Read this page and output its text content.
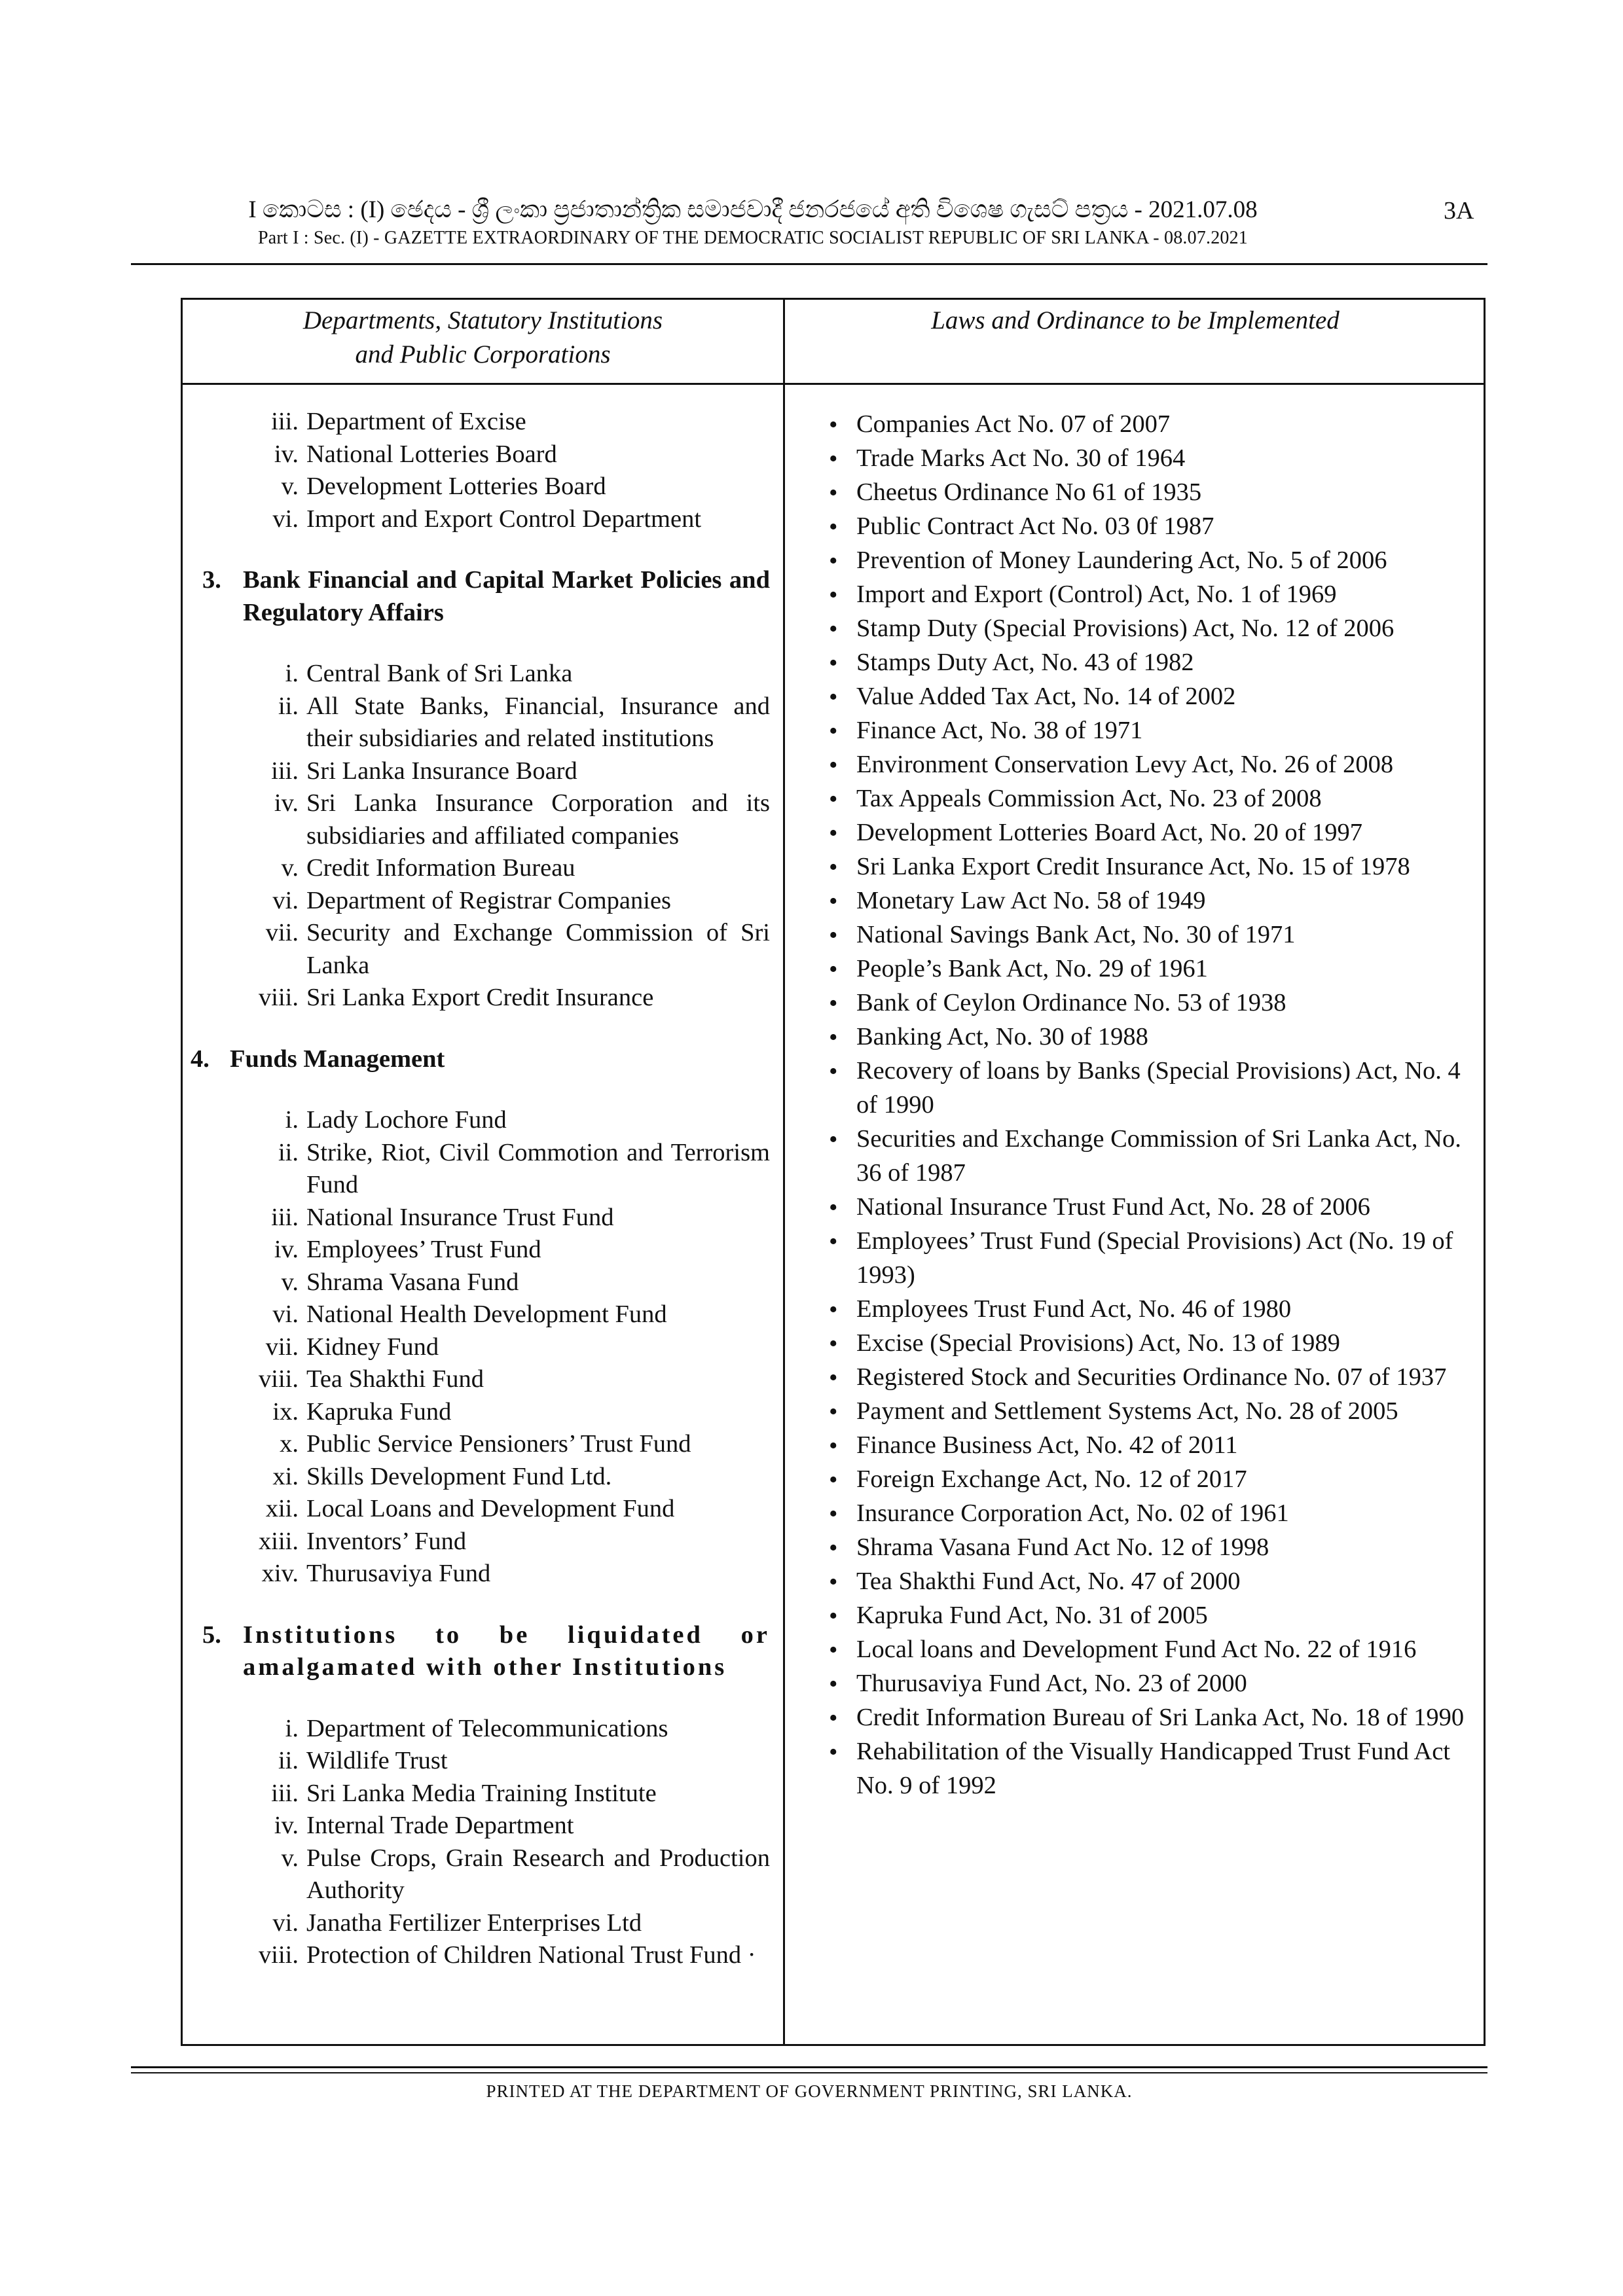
I කොටස : (I) ඡෙදය - ශ්‍රී ලංකා ප්‍රජාතාන්ත්‍රික සමාජවාදී ජනරජයේ අති විශෙෂ ගැසට් පත්‍රය - 2021.07.08
Part I : Sec. (I) - GAZETTE EXTRAORDINARY OF THE DEMOCRATIC SOCIALIST REPUBLIC OF SRI LANKA - 08.07.2021
3A
Departments, Statutory Institutions
and Public Corporations
Laws and Ordinance to be Implemented
iii. Department of Excise
iv. National Lotteries Board
v. Development Lotteries Board
vi. Import and Export Control Department
3. Bank Financial and Capital Market Policies and Regulatory Affairs
i. Central Bank of Sri Lanka
ii. All State Banks, Financial, Insurance and their subsidiaries and related institutions
iii. Sri Lanka Insurance Board
iv. Sri Lanka Insurance Corporation and its subsidiaries and affiliated companies
v. Credit Information Bureau
vi. Department of Registrar Companies
vii. Security and Exchange Commission of Sri Lanka
viii. Sri Lanka Export Credit Insurance
4. Funds Management
i. Lady Lochore Fund
ii. Strike, Riot, Civil Commotion and Terrorism Fund
iii. National Insurance Trust Fund
iv. Employees’ Trust Fund
v. Shrama Vasana Fund
vi. National Health Development Fund
vii. Kidney Fund
viii. Tea Shakthi Fund
ix. Kapruka Fund
x. Public Service Pensioners’ Trust Fund
xi. Skills Development Fund Ltd.
xii. Local Loans and Development Fund
xiii. Inventors’ Fund
xiv. Thurusaviya Fund
5. Institutions to be liquidated or amalgamated with other Institutions
i. Department of Telecommunications
ii. Wildlife Trust
iii. Sri Lanka Media Training Institute
iv. Internal Trade Department
v. Pulse Crops, Grain Research and Production Authority
vi. Janatha Fertilizer Enterprises Ltd
viii. Protection of Children National Trust Fund ·
• Companies Act No. 07 of 2007
• Trade Marks Act No. 30 of 1964
• Cheetus Ordinance No 61 of 1935
• Public Contract Act No. 03 0f 1987
• Prevention of Money Laundering Act, No. 5 of 2006
• Import and Export (Control) Act, No. 1 of 1969
• Stamp Duty (Special Provisions) Act, No. 12 of 2006
• Stamps Duty Act, No. 43 of 1982
• Value Added Tax Act, No. 14 of 2002
• Finance Act, No. 38 of 1971
• Environment Conservation Levy Act, No. 26 of 2008
• Tax Appeals Commission Act, No. 23 of 2008
• Development Lotteries Board Act, No. 20 of 1997
• Sri Lanka Export Credit Insurance Act, No. 15 of 1978
• Monetary Law Act No. 58 of 1949
• National Savings Bank Act, No. 30 of 1971
• People’s Bank Act, No. 29 of 1961
• Bank of Ceylon Ordinance No. 53 of 1938
• Banking Act, No. 30 of 1988
• Recovery of loans by Banks (Special Provisions) Act, No. 4 of 1990
• Securities and Exchange Commission of Sri Lanka Act, No. 36 of 1987
• National Insurance Trust Fund Act, No. 28 of 2006
• Employees’ Trust Fund (Special Provisions) Act (No. 19 of 1993)
• Employees Trust Fund Act, No. 46 of 1980
• Excise (Special Provisions) Act, No. 13 of 1989
• Registered Stock and Securities Ordinance No. 07 of 1937
• Payment and Settlement Systems Act, No. 28 of 2005
• Finance Business Act, No. 42 of 2011
• Foreign Exchange Act, No. 12 of 2017
• Insurance Corporation Act, No. 02 of 1961
• Shrama Vasana Fund Act No. 12 of 1998
• Tea Shakthi Fund Act, No. 47 of 2000
• Kapruka Fund Act, No. 31 of 2005
• Local loans and Development Fund Act No. 22 of 1916
• Thurusaviya Fund Act, No. 23 of 2000
• Credit Information Bureau of Sri Lanka Act, No. 18 of 1990
• Rehabilitation of the Visually Handicapped Trust Fund Act No. 9 of 1992
PRINTED AT THE DEPARTMENT OF GOVERNMENT PRINTING, SRI LANKA.
